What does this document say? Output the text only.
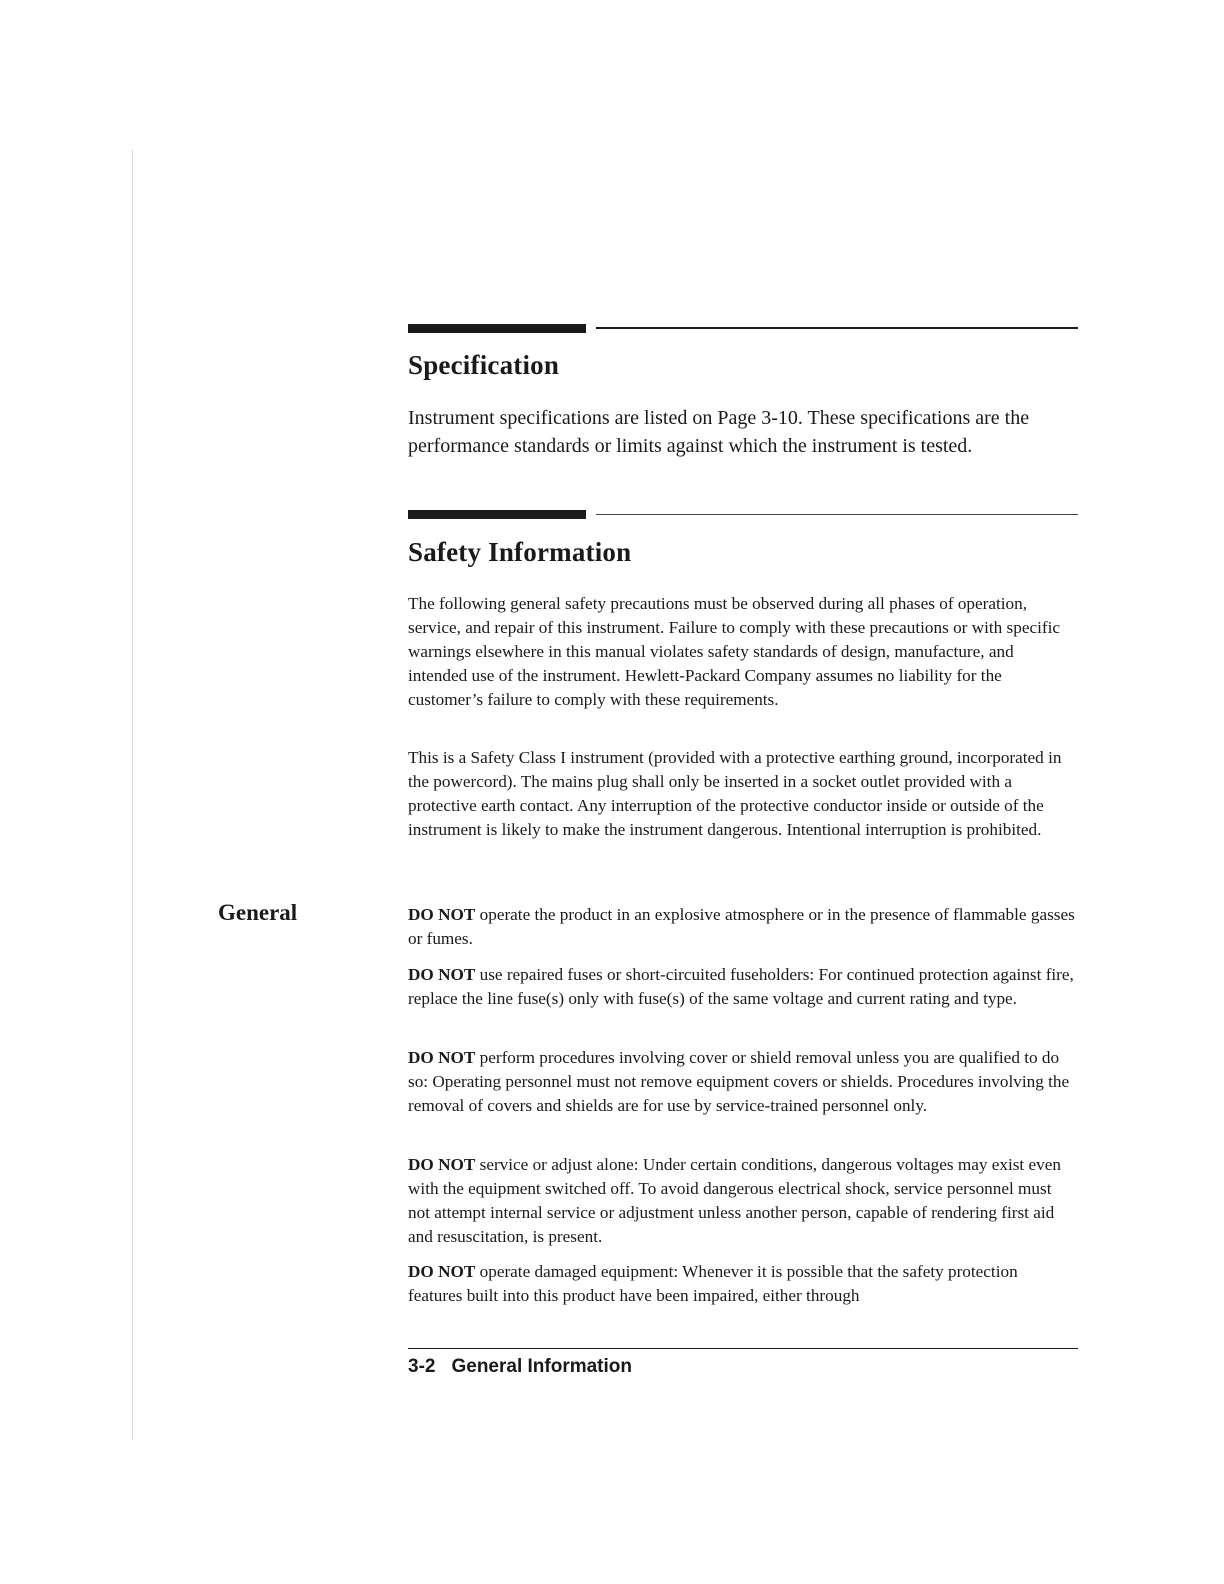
Specification

Instrument specifications are listed on Page 3-10. These specifications are the performance standards or limits against which the instrument is tested.

Safety Information

The following general safety precautions must be observed during all phases of operation, service, and repair of this instrument. Failure to comply with these precautions or with specific warnings elsewhere in this manual violates safety standards of design, manufacture, and intended use of the instrument. Hewlett-Packard Company assumes no liability for the customer’s failure to comply with these requirements.

This is a Safety Class I instrument (provided with a protective earthing ground, incorporated in the powercord). The mains plug shall only be inserted in a socket outlet provided with a protective earth contact. Any interruption of the protective conductor inside or outside of the instrument is likely to make the instrument dangerous. Intentional interruption is prohibited.

General	DO NOT operate the product in an explosive atmosphere or in the presence of flammable gasses or fumes.

DO NOT use repaired fuses or short-circuited fuseholders: For continued protection against fire, replace the line fuse(s) only with fuse(s) of the same voltage and current rating and type.

DO NOT perform procedures involving cover or shield removal unless you are qualified to do so: Operating personnel must not remove equipment covers or shields. Procedures involving the removal of covers and shields are for use by service-trained personnel only.

DO NOT service or adjust alone: Under certain conditions, dangerous voltages may exist even with the equipment switched off. To avoid dangerous electrical shock, service personnel must not attempt internal service or adjustment unless another person, capable of rendering first aid and resuscitation, is present.

DO NOT operate damaged equipment: Whenever it is possible that the safety protection features built into this product have been impaired, either through

3-2 General Information
